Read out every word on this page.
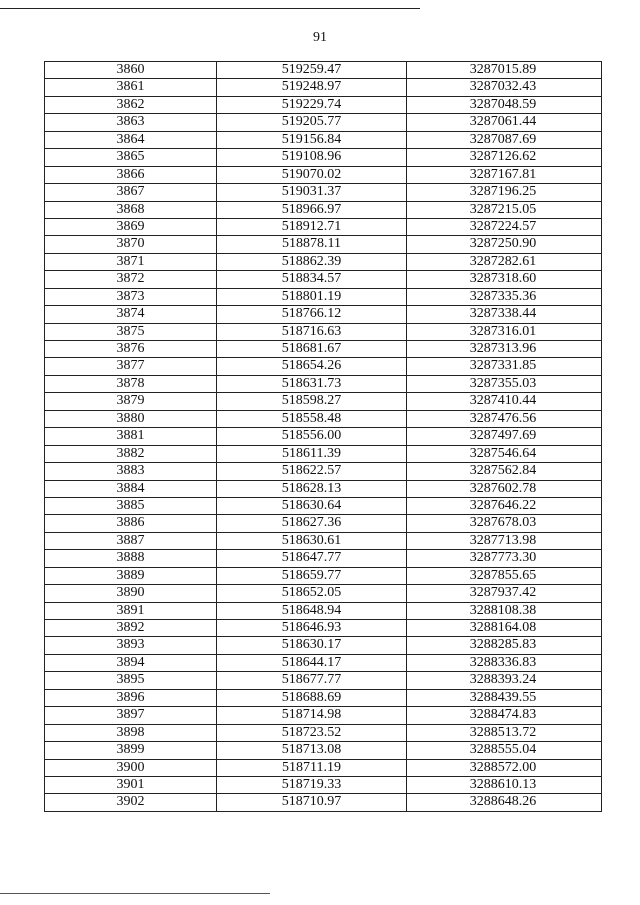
91
3860	519259.47	3287015.89
3861	519248.97	3287032.43
3862	519229.74	3287048.59
3863	519205.77	3287061.44
3864	519156.84	3287087.69
3865	519108.96	3287126.62
3866	519070.02	3287167.81
3867	519031.37	3287196.25
3868	518966.97	3287215.05
3869	518912.71	3287224.57
3870	518878.11	3287250.90
3871	518862.39	3287282.61
3872	518834.57	3287318.60
3873	518801.19	3287335.36
3874	518766.12	3287338.44
3875	518716.63	3287316.01
3876	518681.67	3287313.96
3877	518654.26	3287331.85
3878	518631.73	3287355.03
3879	518598.27	3287410.44
3880	518558.48	3287476.56
3881	518556.00	3287497.69
3882	518611.39	3287546.64
3883	518622.57	3287562.84
3884	518628.13	3287602.78
3885	518630.64	3287646.22
3886	518627.36	3287678.03
3887	518630.61	3287713.98
3888	518647.77	3287773.30
3889	518659.77	3287855.65
3890	518652.05	3287937.42
3891	518648.94	3288108.38
3892	518646.93	3288164.08
3893	518630.17	3288285.83
3894	518644.17	3288336.83
3895	518677.77	3288393.24
3896	518688.69	3288439.55
3897	518714.98	3288474.83
3898	518723.52	3288513.72
3899	518713.08	3288555.04
3900	518711.19	3288572.00
3901	518719.33	3288610.13
3902	518710.97	3288648.26
